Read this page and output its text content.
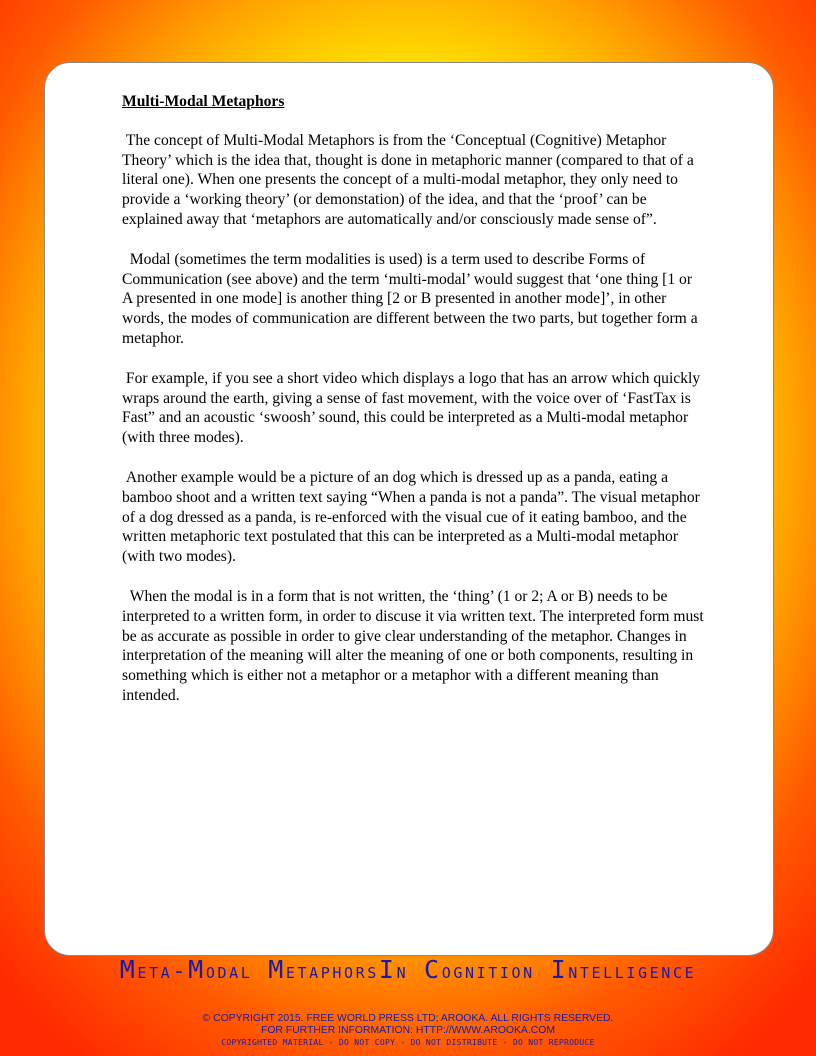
Multi-Modal Metaphors

The concept of Multi-Modal Metaphors is from the ‘Conceptual (Cognitive) Metaphor Theory’ which is the idea that, thought is done in metaphoric manner (compared to that of a literal one). When one presents the concept of a multi-modal metaphor, they only need to provide a ‘working theory’ (or demonstation) of the idea, and that the ‘proof’ can be explained away that ‘metaphors are automatically and/or consciously made sense of”.

Modal (sometimes the term modalities is used) is a term used to describe Forms of Communication (see above) and the term ‘multi-modal’ would suggest that ‘one thing [1 or A presented in one mode] is another thing [2 or B presented in another mode]’, in other words, the modes of communication are different between the two parts, but together form a metaphor.

For example, if you see a short video which displays a logo that has an arrow which quickly wraps around the earth, giving a sense of fast movement, with the voice over of ‘FastTax is Fast” and an acoustic ‘swoosh’ sound, this could be interpreted as a Multi-modal metaphor (with three modes).

Another example would be a picture of an dog which is dressed up as a panda, eating a bamboo shoot and a written text saying “When a panda is not a panda”. The visual metaphor of a dog dressed as a panda, is re-enforced with the visual cue of it eating bamboo, and the written metaphoric text postulated that this can be interpreted as a Multi-modal metaphor (with two modes).

When the modal is in a form that is not written, the ‘thing’ (1 or 2; A or B) needs to be interpreted to a written form, in order to discuse it via written text. The interpreted form must be as accurate as possible in order to give clear understanding of the metaphor. Changes in interpretation of the meaning will alter the meaning of one or both components, resulting in something which is either not a metaphor or a metaphor with a different meaning than intended.

Meta-Modal MetaphorsIn Cognition Intelligence
© COPYRIGHT 2015. FREE WORLD PRESS LTD; AROOKA. ALL RIGHTS RESERVED.
FOR FURTHER INFORMATION: HTTP://WWW.AROOKA.COM
COPYRIGHTED MATERIAL - DO NOT COPY - DO NOT DISTRIBUTE - DO NOT REPRODUCE
